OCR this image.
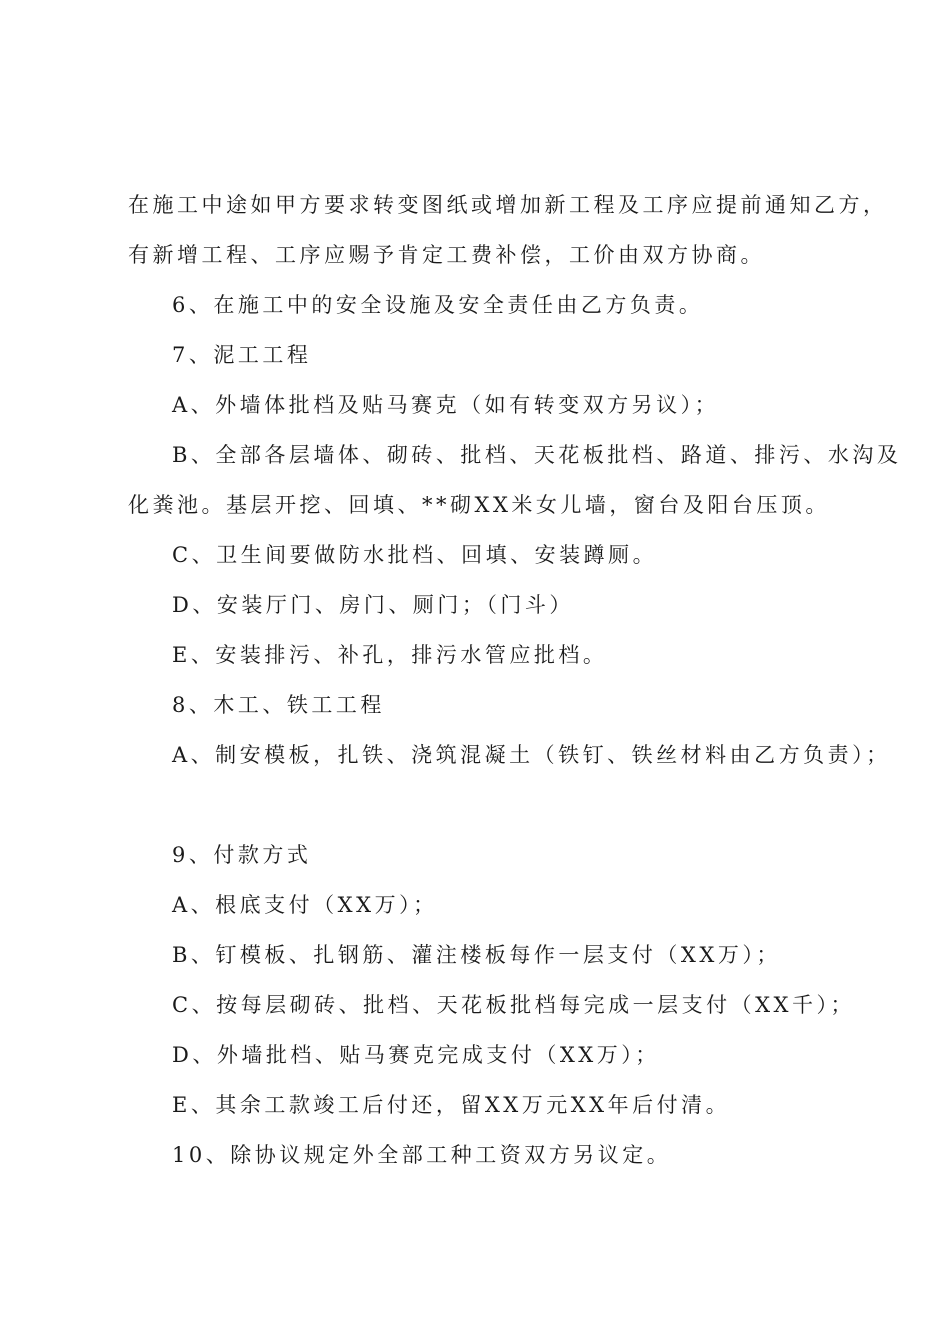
在施工中途如甲方要求转变图纸或增加新工程及工序应提前通知乙方，
有新增工程、工序应赐予肯定工费补偿，工价由双方协商。
6、在施工中的安全设施及安全责任由乙方负责。
7、泥工工程
A、外墙体批档及贴马赛克（如有转变双方另议）；
B、全部各层墙体、砌砖、批档、天花板批档、路道、排污、水沟及
化粪池。基层开挖、回填、**砌XX米女儿墙，窗台及阳台压顶。
C、卫生间要做防水批档、回填、安装蹲厕。
D、安装厅门、房门、厕门；（门斗）
E、安装排污、补孔，排污水管应批档。
8、木工、铁工工程
A、制安模板，扎铁、浇筑混凝土（铁钉、铁丝材料由乙方负责）；
9、付款方式
A、根底支付（XX万）；
B、钉模板、扎钢筋、灌注楼板每作一层支付（XX万）；
C、按每层砌砖、批档、天花板批档每完成一层支付（XX千）；
D、外墙批档、贴马赛克完成支付（XX万）；
E、其余工款竣工后付还，留XX万元XX年后付清。
10、除协议规定外全部工种工资双方另议定。
